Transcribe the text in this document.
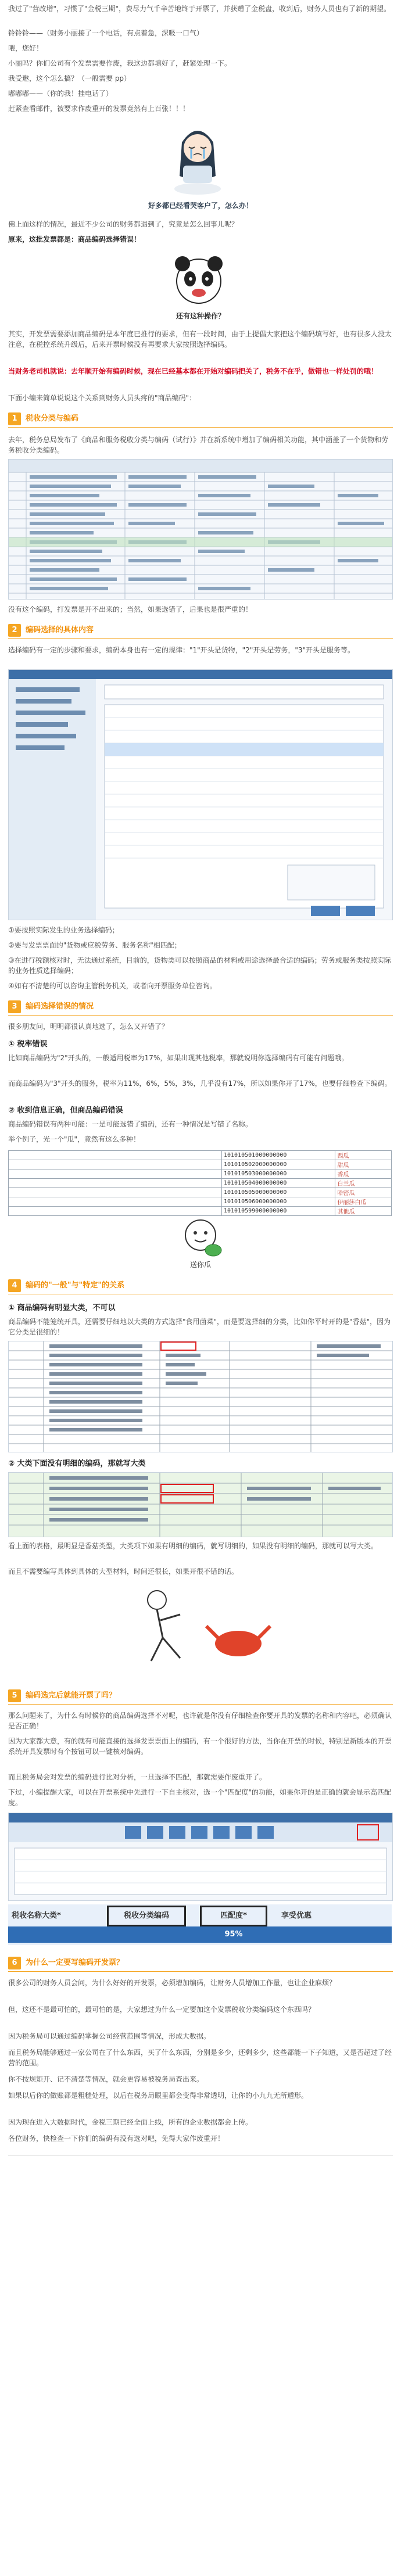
我过了"营改增"，习惯了"金税三期"，费尽力气千辛苦地终于开票了，并获赠了金税盘，收到后，财务人员也有了新的期望。

铃铃铃——（财务小丽接了一个电话，有点着急，深吸一口气）

喂，您好！

小丽吗？你们公司有个发票需要作废，我这边都填好了，赶紧处理一下。

我受邀，这个怎么搞？（一般需要 pp）

嘟嘟嘟——（你的我！挂电话了）

赶紧查看邮件，被要求作废重开的发票竟然有上百张！！！

好多都已经看哭客户了，怎么办！

佛上面这样的情况，最近不少公司的财务都遇到了，究竟是怎么回事儿呢？

原来，这批发票都是：商品编码选择错误！

还有这种操作？

其实，开发票需要添加商品编码是本年度已推行的要求，但有一段时间，由于上提倡大家把这个编码填写好，也有很多人没太注意，在税控系统升级后，后来开票时候没有再要求大家按照选择编码。

当财务老司机就说：去年顺开始有编码时候，现在已经基本都在开始对编码把关了，税务不在乎，做错也一样处罚的哦！

下面小编来简单说说这个关系到财务人员头疼的"商品编码"：

1	税收分类与编码

去年，税务总局发布了《商品和服务税收分类与编码（试行）》并在新系统中增加了编码相关功能，其中涵盖了一个货物和劳务税收分类编码。

没有这个编码，打发票是开不出来的；当然，如果选错了，后果也是很严重的！

2	编码选择的具体内容

选择编码有一定的步骤和要求，编码本身也有一定的规律："1"开头是货物，"2"开头是劳务，"3"开头是服务等。

①要按照实际发生的业务选择编码；

②要与发票票面的"货物或应税劳务、服务名称"相匹配；

③在进行税额核对时，无法通过系统，目前的，货物类可以按照商品的材料或用途选择最合适的编码；劳务或服务类按照实际的业务性质选择编码；

④如有不清楚的可以咨询主管税务机关，或者向开票服务单位咨询。

3	编码选择错误的情况

很多朋友问，明明都很认真地选了，怎么又开错了？

① 税率错误

比如商品编码为"2"开头的，一般适用税率为17%，如果出现其他税率，那就说明你选择编码有可能有问题哦。

而商品编码为"3"开头的服务，税率为11%，6%，5%，3%，几乎没有17%，所以如果你开了17%，也要仔细检查下编码。

② 收到信息正确，但商品编码错误

商品编码错误有两种可能：一是可能选错了编码，还有一种情况是写错了名称。

举个例子，光一个"瓜"，竟然有这么多种！

	101010501000000000	西瓜
	101010502000000000	甜瓜
	101010503000000000	香瓜
	101010504000000000	白兰瓜
	101010505000000000	哈密瓜
	101010506000000000	伊丽莎白瓜
	101010599000000000	其他瓜
送你瓜
4	编码的"一般"与"特定"的关系

① 商品编码有明显大类，不可以

商品编码不能笼统开具，还需要仔细地以大类的方式选择"食用菌菜"，而是要选择细的分类，比如你平时开的是"香菇"，因为它分类是很细的！

② 大类下面没有明细的编码，那就写大类

看上面的表格，最明显是香菇类型，大类项下如果有明细的编码，就写明细的，如果没有明细的编码，那就可以写大类。

而且不需要编写具体到具体的大型材料，时间还很长，如果开很不错的话。

5	编码选完后就能开票了吗？

那么问题来了，为什么有时候你的商品编码选择不对呢，也许就是你没有仔细检查你要开具的发票的名称和内容吧，必须确认是否正确！

因为大家都大意，有的就有可能直接的选择发票票面上的编码，有一个很好的方法，当你在开票的时候，特别是新版本的开票系统开具发票时有个按钮可以一键核对编码。

而且税务局会对发票的编码进行比对分析，一旦选择不匹配，那就需要作废重开了。

下过，小编提醒大家，可以在开票系统中先进行一下自主核对，选一个"匹配度"的功能，如果你开的是正确的就会显示高匹配度。

税收名称大类*	税收分类编码	匹配度*	享受优惠
95%
6	为什么一定要写编码开发票？

很多公司的财务人员会问，为什么好好的开发票，必须增加编码，让财务人员增加工作量，也让企业麻烦？

但，这还不是最可怕的，最可怕的是，大家想过为什么一定要加这个发票税收分类编码这个东西吗？

因为税务局可以通过编码掌握公司经营范围等情况，形成大数据。

而且税务局能够通过一家公司在了什么东西，买了什么东西，分别是多少，还剩多少，这些都能一下子知道，又是否超过了经营的范围。

你不按规矩开、记不清楚等情况，就会更容易被税务局查出来。

如果以后你的做账都是粗糙处理，以后在税务局眼里都会变得非常透明，让你的小九九无所遁形。

因为现在进入大数据时代，金税三期已经全面上线，所有的企业数据都会上传。

各位财务，快检查一下你们的编码有没有选对吧，免得大家作废重开！
